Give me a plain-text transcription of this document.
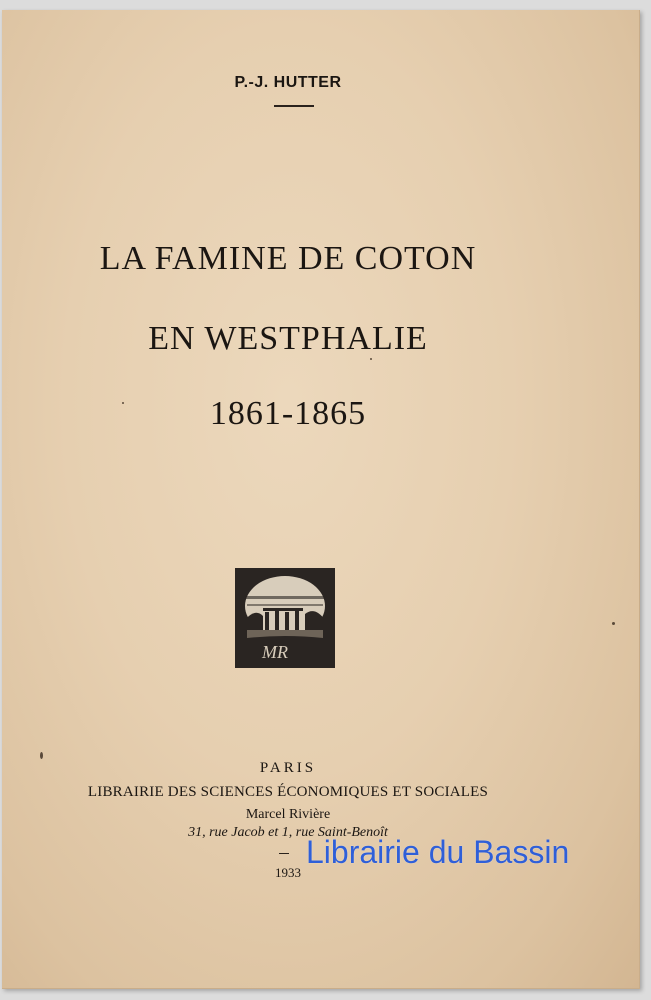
P.-J. HUTTER
LA FAMINE DE COTON
EN WESTPHALIE
1861-1865
MR
PARIS
LIBRAIRIE DES SCIENCES ÉCONOMIQUES ET SOCIALES
Marcel Rivière
31, rue Jacob et 1, rue Saint-Benoît
1933
Librairie du Bassin
